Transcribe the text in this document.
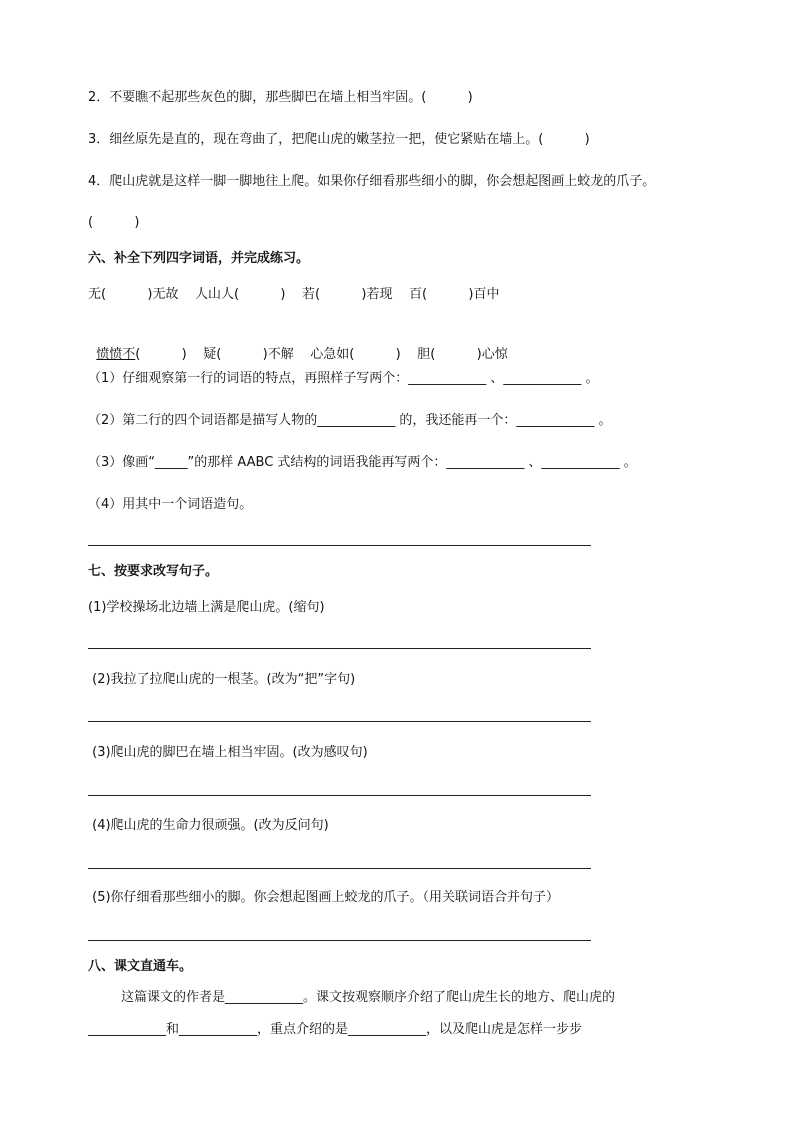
2．不要瞧不起那些灰色的脚，那些脚巴在墙上相当牢固。(          )
3．细丝原先是直的，现在弯曲了，把爬山虎的嫩茎拉一把，使它紧贴在墙上。(          )
4．爬山虎就是这样一脚一脚地往上爬。如果你仔细看那些细小的脚，你会想起图画上蛟龙的爪子。
(          )
六、补全下列四字词语，并完成练习。
无(          )无故    人山人(          )    若(          )若现    百(          )百中

愤愤不(          )    疑(          )不解    心急如(          )    胆(          )心惊

（1）仔细观察第一行的词语的特点，再照样子写两个：____________ 、____________ 。
（2）第二行的四个词语都是描写人物的____________ 的，我还能再一个：____________ 。
（3）像画“_____”的那样 AABC 式结构的词语我能再写两个：____________ 、____________ 。
（4）用其中一个词语造句。
七、按要求改写句子。
(1)学校操场北边墙上满是爬山虎。(缩句)
(2)我拉了拉爬山虎的一根茎。(改为“把”字句)
(3)爬山虎的脚巴在墙上相当牢固。(改为感叹句)
(4)爬山虎的生命力很顽强。(改为反问句)
(5)你仔细看那些细小的脚。你会想起图画上蛟龙的爪子。（用关联词语合并句子）
八、课文直通车。
这篇课文的作者是____________。课文按观察顺序介绍了爬山虎生长的地方、爬山虎的
____________和____________，重点介绍的是____________，以及爬山虎是怎样一步步
